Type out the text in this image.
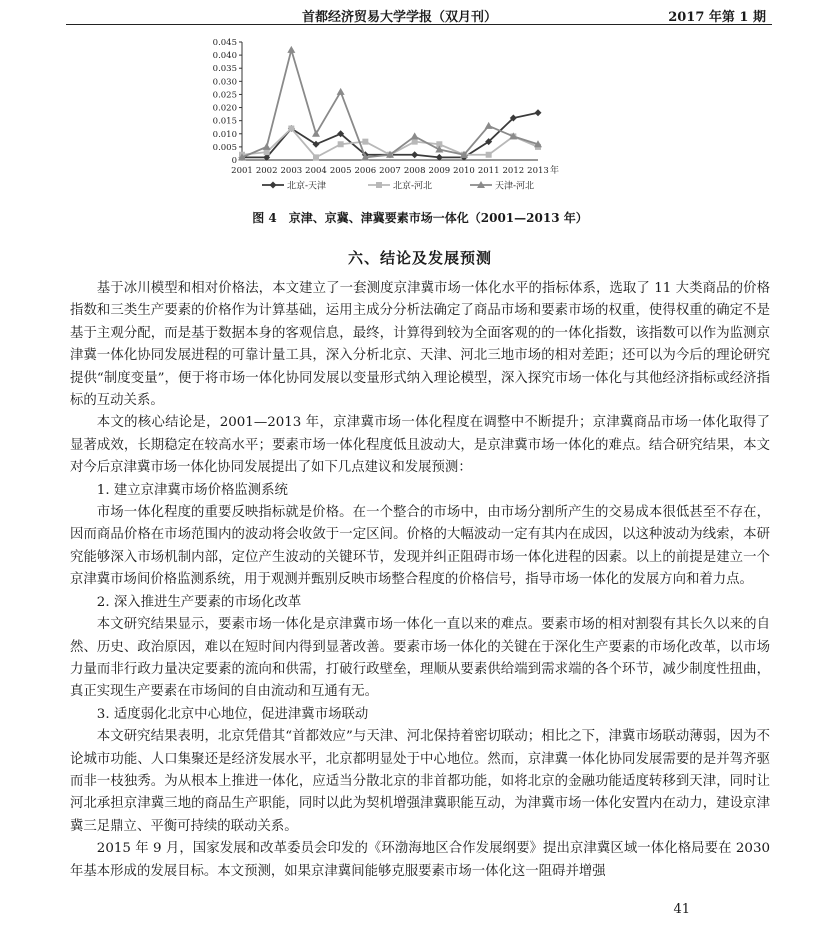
首都经济贸易大学学报（双月刊）	2017 年第 1 期
0
0.005
0.010
0.015
0.020
0.025
0.030
0.035
0.040
0.045
2001 2002 2003 2004 2005 2006 2007 2008 2009 2010 2011 2012 2013 年
北京-天津	北京-河北	天津-河北
图 4　京津、京冀、津冀要素市场一体化（2001—2013 年）
六、结论及发展预测

基于冰川模型和相对价格法，本文建立了一套测度京津冀市场一体化水平的指标体系，选取了 11 大类商品的价格指数和三类生产要素的价格作为计算基础，运用主成分分析法确定了商品市场和要素市场的权重，使得权重的确定不是基于主观分配，而是基于数据本身的客观信息，最终，计算得到较为全面客观的的一体化指数，该指数可以作为监测京津冀一体化协同发展进程的可靠计量工具，深入分析北京、天津、河北三地市场的相对差距；还可以为今后的理论研究提供“制度变量”，便于将市场一体化协同发展以变量形式纳入理论模型，深入探究市场一体化与其他经济指标或经济指标的互动关系。

本文的核心结论是，2001—2013 年，京津冀市场一体化程度在调整中不断提升；京津冀商品市场一体化取得了显著成效，长期稳定在较高水平；要素市场一体化程度低且波动大，是京津冀市场一体化的难点。结合研究结果，本文对今后京津冀市场一体化协同发展提出了如下几点建议和发展预测：

1. 建立京津冀市场价格监测系统

市场一体化程度的重要反映指标就是价格。在一个整合的市场中，由市场分割所产生的交易成本很低甚至不存在，因而商品价格在市场范围内的波动将会收敛于一定区间。价格的大幅波动一定有其内在成因，以这种波动为线索，本研究能够深入市场机制内部，定位产生波动的关键环节，发现并纠正阻碍市场一体化进程的因素。以上的前提是建立一个京津冀市场间价格监测系统，用于观测并甄别反映市场整合程度的价格信号，指导市场一体化的发展方向和着力点。

2. 深入推进生产要素的市场化改革

本文研究结果显示，要素市场一体化是京津冀市场一体化一直以来的难点。要素市场的相对割裂有其长久以来的自然、历史、政治原因，难以在短时间内得到显著改善。要素市场一体化的关键在于深化生产要素的市场化改革，以市场力量而非行政力量决定要素的流向和供需，打破行政壁垒，理顺从要素供给端到需求端的各个环节，减少制度性扭曲，真正实现生产要素在市场间的自由流动和互通有无。

3. 适度弱化北京中心地位，促进津冀市场联动

本文研究结果表明，北京凭借其“首都效应”与天津、河北保持着密切联动；相比之下，津冀市场联动薄弱，因为不论城市功能、人口集聚还是经济发展水平，北京都明显处于中心地位。然而，京津冀一体化协同发展需要的是并驾齐驱而非一枝独秀。为从根本上推进一体化，应适当分散北京的非首都功能，如将北京的金融功能适度转移到天津，同时让河北承担京津冀三地的商品生产职能，同时以此为契机增强津冀职能互动，为津冀市场一体化安置内在动力，建设京津冀三足鼎立、平衡可持续的联动关系。

2015 年 9 月，国家发展和改革委员会印发的《环渤海地区合作发展纲要》提出京津冀区域一体化格局要在 2030 年基本形成的发展目标。本文预测，如果京津冀间能够克服要素市场一体化这一阻碍并增强

41
